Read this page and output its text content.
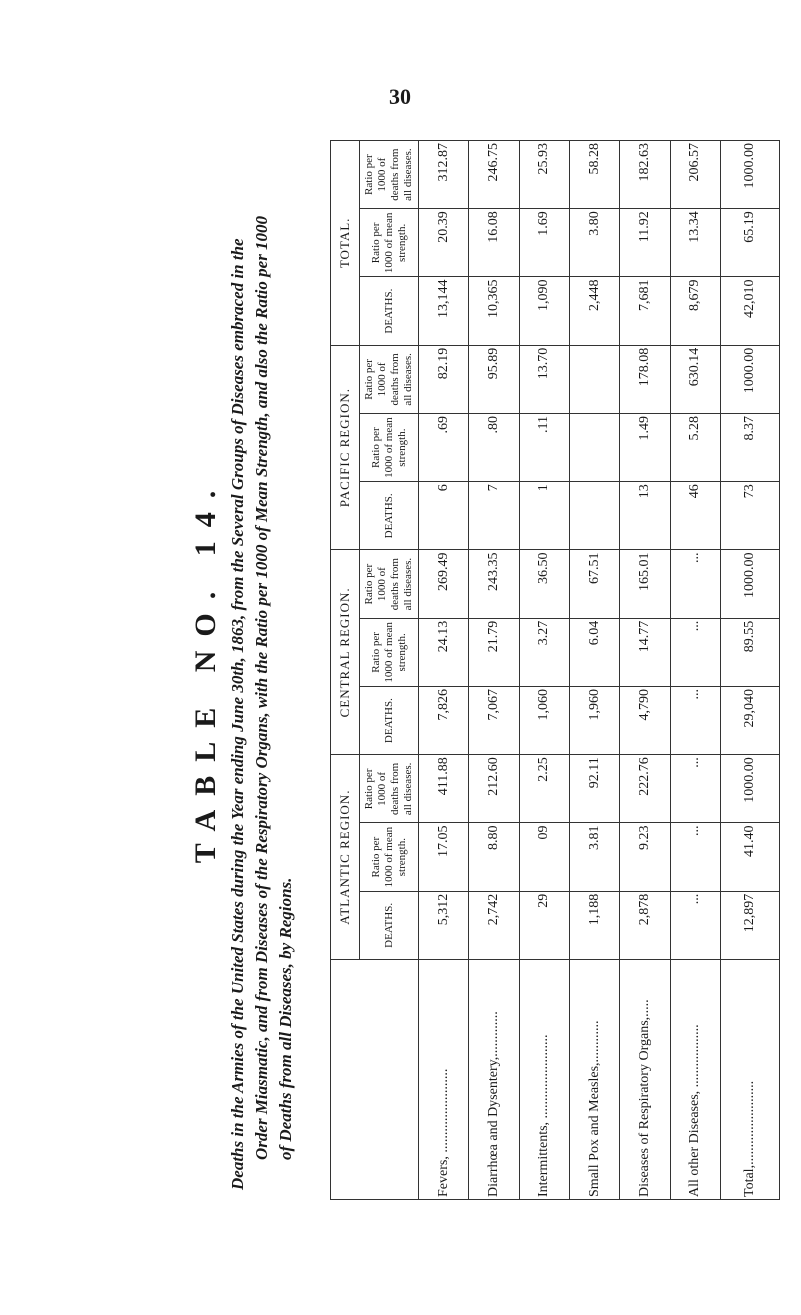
30

TABLE NO. 14. Deaths in the Armies of the United States during the Year ending June 30th, 1863, from the Several Groups of Diseases embraced in the Order Miasmatic, and from Diseases of the Respiratory Organs, with the Ratio per 1000 of Mean Strength, and also the Ratio per 1000 of Deaths from all Diseases, by Regions.

	ATLANTIC REGION.			CENTRAL REGION.			PACIFIC REGION.			TOTAL.		
	DEATHS.	Ratio per 1000 of mean strength.	Ratio per 1000 of deaths from all diseases.	DEATHS.	Ratio per 1000 of mean strength.	Ratio per 1000 of deaths from all diseases.	DEATHS.	Ratio per 1000 of mean strength.	Ratio per 1000 of deaths from all diseases.	DEATHS.	Ratio per 1000 of mean strength.	Ratio per 1000 of deaths from all diseases.
Fevers, ........................	5,312	17.05	411.88	7,826	24.13	269.49	6	.69	82.19	13,144	20.39	312.87
Diarrhœa and Dysentery,.............	2,742	8.80	212.60	7,067	21.79	243.35	7	.80	95.89	10,365	16.08	246.75
Intermittents, ........................	29	09	2.25	1,060	3.27	36.50	1	.11	13.70	1,090	1.69	25.93
Small Pox and Measles,............	1,188	3.81	92.11	1,960	6.04	67.51				2,448	3.80	58.28
Diseases of Respiratory Organs,.....	2,878	9.23	222.76	4,790	14.77	165.01	13	1.49	178.08	7,681	11.92	182.63
All other Diseases, ..................	...	...	...	...	...	...	46	5.28	630.14	8,679	13.34	206.57
Total,........................	12,897	41.40	1000.00	29,040	89.55	1000.00	73	8.37	1000.00	42,010	65.19	1000.00
